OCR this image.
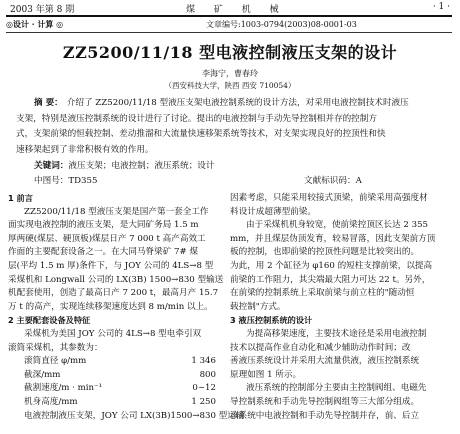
2003 年第 8 期	煤 矿 机 械	· 1 ·
◎设计 · 计算 ◎	文章编号:1003-0794(2003)08-0001-03
ZZ5200/11/18 型电液控制液压支架的设计
李海宁，曹春玲
（西安科技大学，陕西 西安 710054）
摘 要： 介绍了 ZZ5200/11/18 型液压支架电液控制系统的设计方法，对采用电液控制技术时液压
支架，特别是液压控制系统的设计进行了讨论。提出的电液控制与手动先导控制相并存的控制方
式，支架前梁的恒载控制、差动推溜和大流量快速移架系统等技术，对支架实现良好的控顶性和快
速移架起到了非常积极有效的作用。
关键词：液压支架；电液控制；液压系统；设计
中图号：TD355	文献标识码：A
1 前言
ZZ5200/11/18 型液压支架是国产第一套全工作
面实现电液控制的液压支架，是大同矿务局 1.5 m
厚两硬(煤层、硬顶板)煤层日产 7 000 t 高产高效工
作面的主要配套设备之一。在大同马脊梁矿 7# 煤
层(平均 1.5 m 厚)条件下，与 JOY 公司的 4LS→8 型
采煤机和 Longwall 公司的 LX(3B) 1500→830 型输送
机配套使用，创造了最高日产 7 200 t，最高月产 15.7
万 t 的高产，实现连续移架速度达到 8 m/min 以上。
2 主要配套设备及特征
采煤机为美国 JOY 公司的 4LS→8 型电牵引双
滚筒采煤机，其参数为：
滚筒直径 φ/mm	1 346
截深/mm	800
截割速度/m · min⁻¹	0~12
机身高度/mm	1 250
电液控制液压支架，JOY 公司 LX(3B)1500→830 型运输
因素考虑，只能采用较接式顶梁，前梁采用高强度材
料设计成超薄型前梁。
由于采煤机机身较宽，使前梁控顶区长达 2 355
mm，并且煤层伪顶发育，较易冒落，因此支架前方顶
板的控制，也即前梁的控顶性问题是比较突出的。
为此，用 2 个缸径为 φ160 的短柱支撑前梁，以提高
前梁的工作阻力，其尖端最大阻力可达 22 t。另外，
在前梁的控制系统上采取前梁与前立柱的"随动恒
载控制"方式。
3 液压控制系统的设计
为提高移架速度，主要技术途径是采用电液控制
技术以提高作业自动化和减少辅助动作时间；改
善液压系统设计并采用大流量供液，液压控制系统
原理如图 1 所示。
液压系统的控制部分主要由主控制阀组、电磁先
导控制系统和手动先导控制阀组等三大部分组成。
该系统中电液控制和手动先导控制并存，前、后立
